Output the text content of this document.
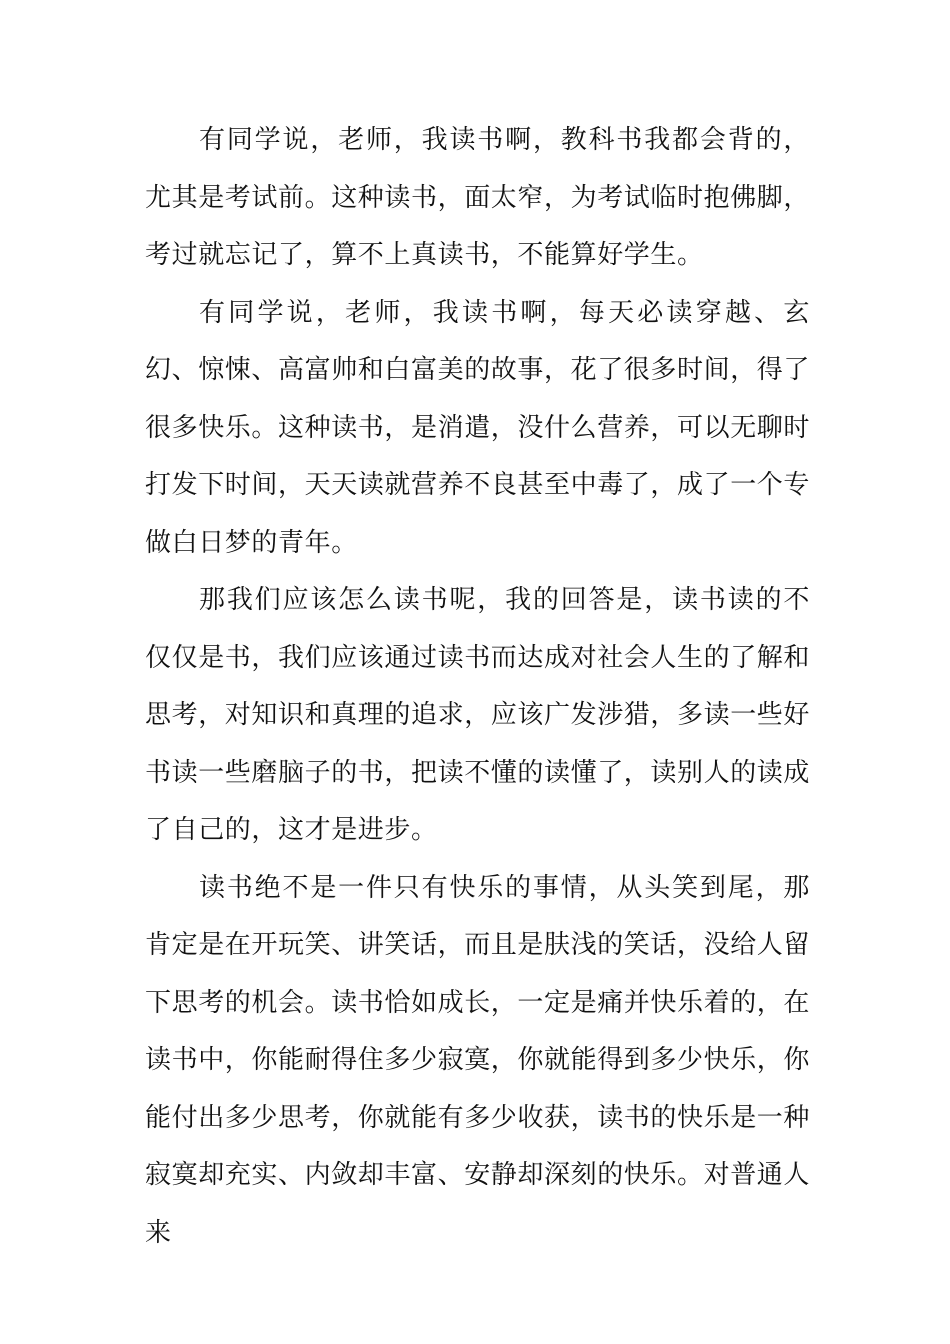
有同学说，老师，我读书啊，教科书我都会背的，尤其是考试前。这种读书，面太窄，为考试临时抱佛脚，考过就忘记了，算不上真读书，不能算好学生。

有同学说，老师，我读书啊，每天必读穿越、玄幻、惊悚、高富帅和白富美的故事，花了很多时间，得了很多快乐。这种读书，是消遣，没什么营养，可以无聊时打发下时间，天天读就营养不良甚至中毒了，成了一个专做白日梦的青年。

那我们应该怎么读书呢，我的回答是，读书读的不仅仅是书，我们应该通过读书而达成对社会人生的了解和思考，对知识和真理的追求，应该广发涉猎，多读一些好书读一些磨脑子的书，把读不懂的读懂了，读别人的读成了自己的，这才是进步。

读书绝不是一件只有快乐的事情，从头笑到尾，那肯定是在开玩笑、讲笑话，而且是肤浅的笑话，没给人留下思考的机会。读书恰如成长，一定是痛并快乐着的，在读书中，你能耐得住多少寂寞，你就能得到多少快乐，你能付出多少思考，你就能有多少收获，读书的快乐是一种寂寞却充实、内敛却丰富、安静却深刻的快乐。对普通人来
